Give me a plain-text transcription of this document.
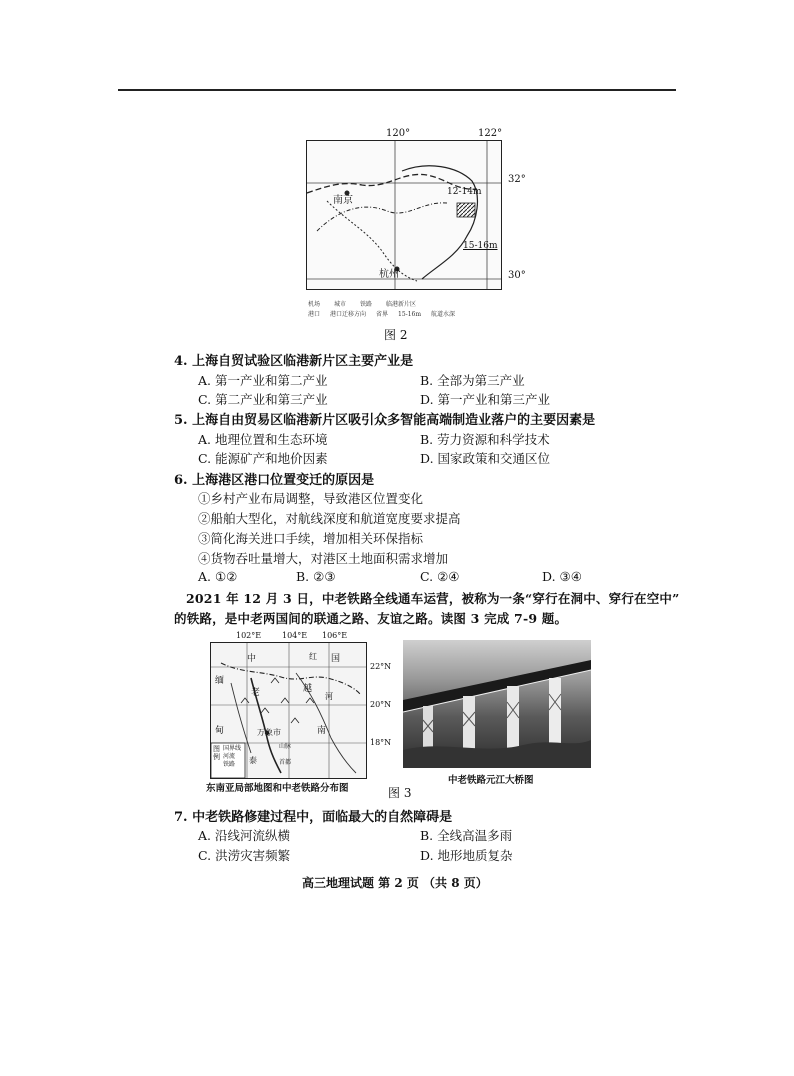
120°	122°
南京
杭州
12-14m
15-16m
32°
30°
机场 城市 铁路 临港新片区
港口 港口迁移方向 省界 15-16m 航道水深
图 2
4. 上海自贸试验区临港新片区主要产业是
A. 第一产业和第二产业	B. 全部为第三产业
C. 第二产业和第三产业	D. 第一产业和第三产业
5. 上海自由贸易区临港新片区吸引众多智能高端制造业落户的主要因素是
A. 地理位置和生态环境	B. 劳力资源和科学技术
C. 能源矿产和地价因素	D. 国家政策和交通区位
6. 上海港区港口位置变迁的原因是
①乡村产业布局调整，导致港区位置变化
②船舶大型化，对航线深度和航道宽度要求提高
③简化海关进口手续，增加相关环保指标
④货物吞吐量增大，对港区土地面积需求增加
A. ①②	B. ②③	C. ②④	D. ③④
2021 年 12 月 3 日，中老铁路全线通车运营，被称为一条“穿行在洞中、穿行在空中”
的铁路，是中老两国间的联通之路、友谊之路。读图 3 完成 7-9 题。
102°E	104°E 106°E
图例
国界线
河流
铁路
山脉
首都
中	国
老
万象市
越
南
红
河
缅
甸
泰
22°N
20°N
18°N
东南亚局部地图和中老铁路分布图
中老铁路元江大桥图
图 3
7. 中老铁路修建过程中，面临最大的自然障碍是
A. 沿线河流纵横	B. 全线高温多雨
C. 洪涝灾害频繁	D. 地形地质复杂
高三地理试题 第 2 页 （共 8 页）
